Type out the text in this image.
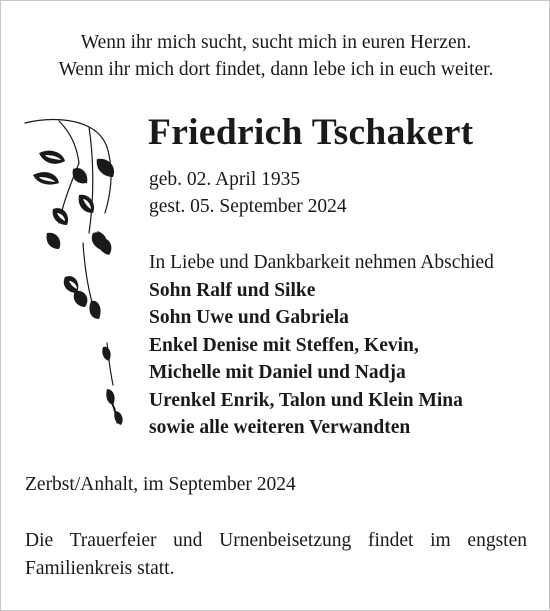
Wenn ihr mich sucht, sucht mich in euren Herzen.
Wenn ihr mich dort findet, dann lebe ich in euch weiter.
Friedrich Tschakert
geb. 02. April 1935
gest. 05. September 2024
In Liebe und Dankbarkeit nehmen Abschied
Sohn Ralf und Silke
Sohn Uwe und Gabriela
Enkel Denise mit Steffen, Kevin,
Michelle mit Daniel und Nadja
Urenkel Enrik, Talon und Klein Mina
sowie alle weiteren Verwandten
Zerbst/Anhalt, im September 2024
Die Trauerfeier und Urnenbeisetzung findet im engsten Familienkreis statt.
